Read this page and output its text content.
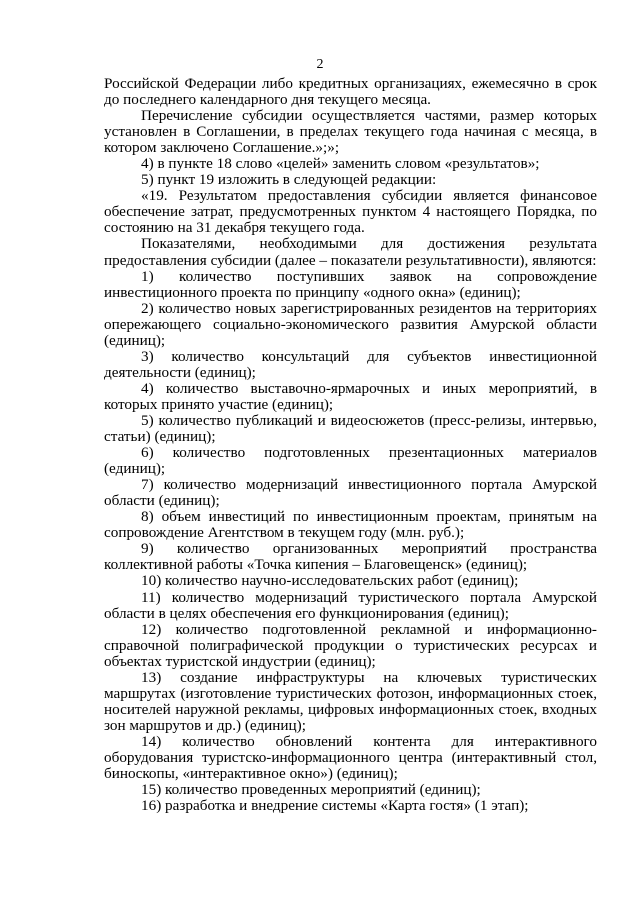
2

Российской Федерации либо кредитных организациях, ежемесячно в срок до последнего календарного дня текущего месяца.

Перечисление субсидии осуществляется частями, размер которых установлен в Соглашении, в пределах текущего года начиная с месяца, в котором заключено Соглашение.»;»;

4) в пункте 18 слово «целей» заменить словом «результатов»;

5) пункт 19 изложить в следующей редакции:

«19. Результатом предоставления субсидии является финансовое обеспечение затрат, предусмотренных пунктом 4 настоящего Порядка, по состоянию на 31 декабря текущего года.

Показателями, необходимыми для достижения результата предоставления субсидии (далее – показатели результативности), являются:

1) количество поступивших заявок на сопровождение инвестиционного проекта по принципу «одного окна» (единиц);

2) количество новых зарегистрированных резидентов на территориях опережающего социально-экономического развития Амурской области (единиц);

3) количество консультаций для субъектов инвестиционной деятельности (единиц);

4) количество выставочно-ярмарочных и иных мероприятий, в которых принято участие (единиц);

5) количество публикаций и видеосюжетов (пресс-релизы, интервью, статьи) (единиц);

6) количество подготовленных презентационных материалов (единиц);

7) количество модернизаций инвестиционного портала Амурской области (единиц);

8) объем инвестиций по инвестиционным проектам, принятым на сопровождение Агентством в текущем году (млн. руб.);

9) количество организованных мероприятий пространства коллективной работы «Точка кипения – Благовещенск» (единиц);

10) количество научно-исследовательских работ (единиц);

11) количество модернизаций туристического портала Амурской области в целях обеспечения его функционирования (единиц);

12) количество подготовленной рекламной и информационно-справочной полиграфической продукции о туристических ресурсах и объектах туристской индустрии (единиц);

13) создание инфраструктуры на ключевых туристических маршрутах (изготовление туристических фотозон, информационных стоек, носителей наружной рекламы, цифровых информационных стоек, входных зон маршрутов и др.) (единиц);

14) количество обновлений контента для интерактивного оборудования туристско-информационного центра (интерактивный стол, бинoскопы, «интерактивное окно») (единиц);

15) количество проведенных мероприятий (единиц);

16) разработка и внедрение системы «Карта гостя» (1 этап);
